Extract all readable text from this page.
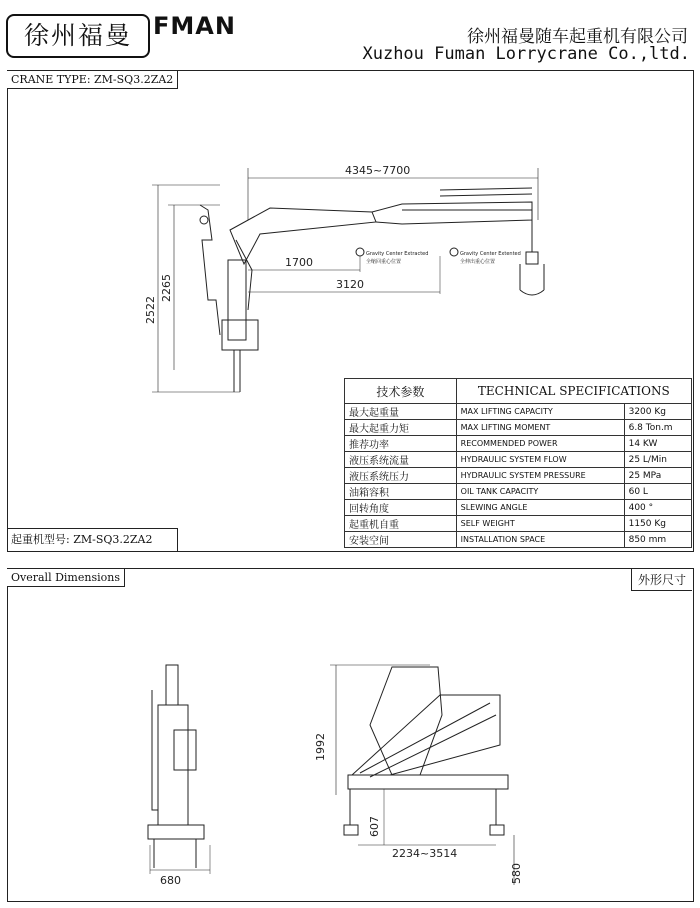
徐州福曼 FMAN	徐州福曼随车起重机有限公司
Xuzhou Fuman Lorrycrane Co.,ltd.
CRANE TYPE: ZM-SQ3.2ZA2
起重机型号: ZM-SQ3.2ZA2
4345~7700
2522
2265
1700
3120
Gravity Center Extracted
全缩回重心位置
Gravity Center Extented
全伸出重心位置
技术参数	TECHNICAL SPECIFICATIONS	
最大起重量	MAX LIFTING CAPACITY	3200 Kg
最大起重力矩	MAX LIFTING MOMENT	6.8 Ton.m
推荐功率	RECOMMENDED POWER	14 KW
液压系统流量	HYDRAULIC SYSTEM FLOW	25 L/Min
液压系统压力	HYDRAULIC SYSTEM PRESSURE	25 MPa
油箱容积	OIL TANK CAPACITY	60 L
回转角度	SLEWING ANGLE	400 °
起重机自重	SELF WEIGHT	1150 Kg
安装空间	INSTALLATION SPACE	850 mm
Overall Dimensions	外形尺寸
680
1992
607
2234~3514
580
